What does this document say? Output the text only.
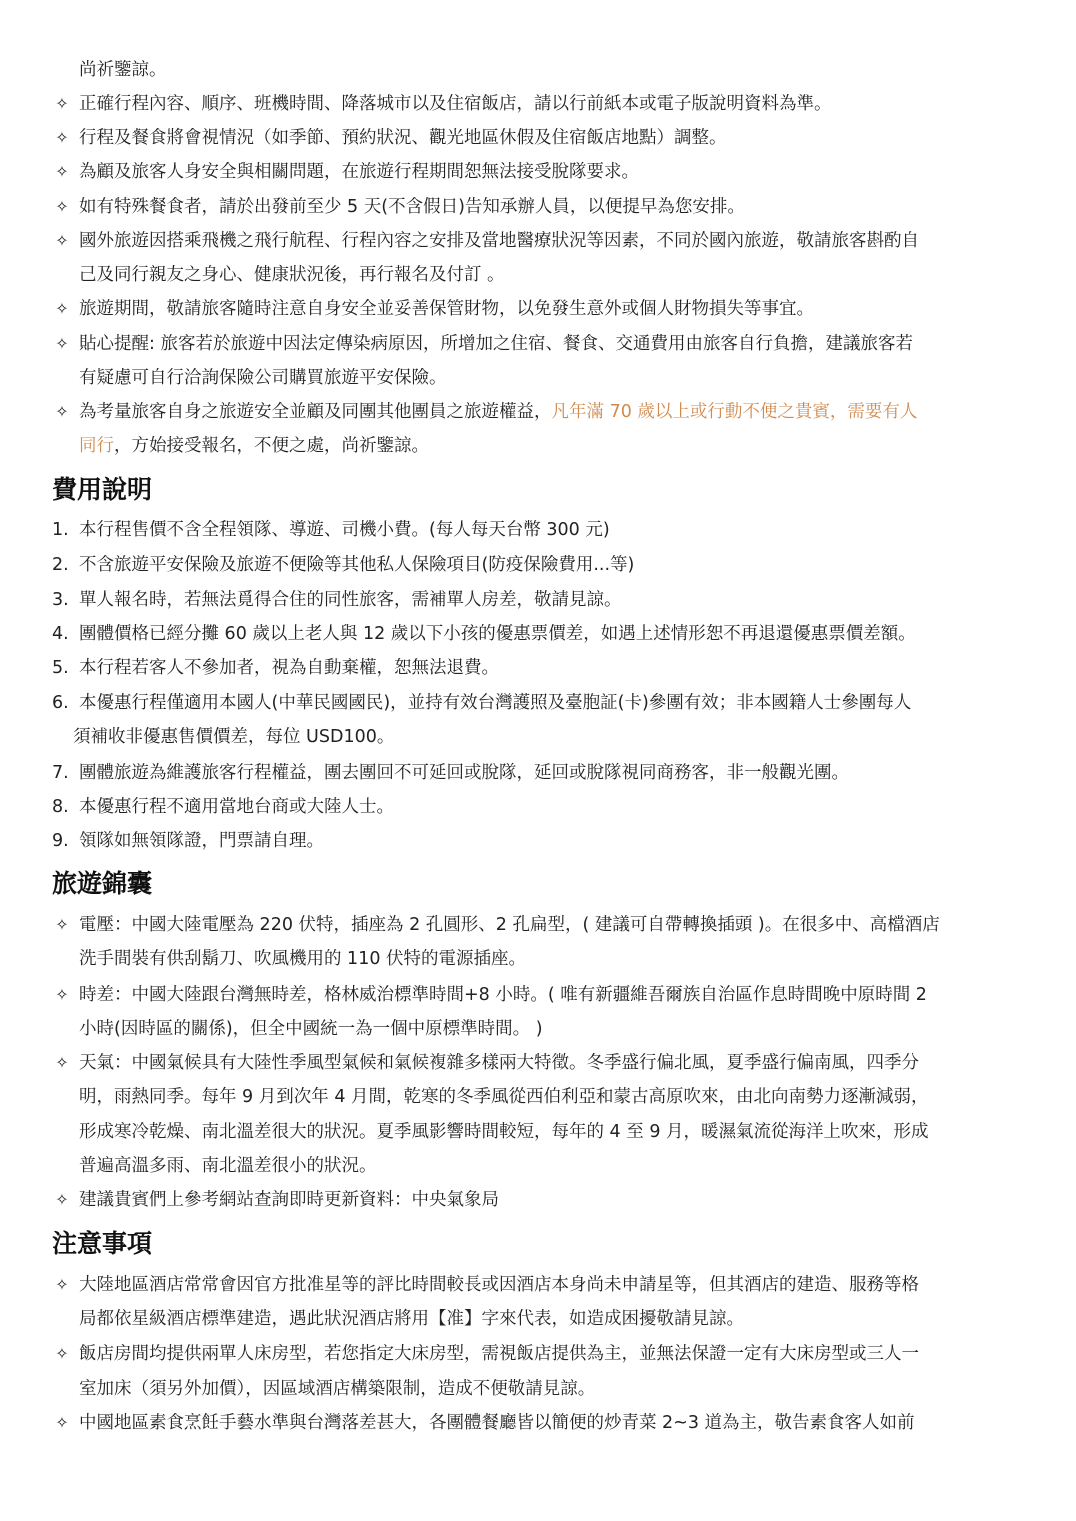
尚祈鑒諒。
✧ 正確行程內容、順序、班機時間、降落城市以及住宿飯店，請以行前紙本或電子版說明資料為準。
✧ 行程及餐食將會視情況（如季節、預約狀況、觀光地區休假及住宿飯店地點）調整。
✧ 為顧及旅客人身安全與相關問題，在旅遊行程期間恕無法接受脫隊要求。
✧ 如有特殊餐食者，請於出發前至少 5 天(不含假日)告知承辦人員，以便提早為您安排。
✧ 國外旅遊因搭乘飛機之飛行航程、行程內容之安排及當地醫療狀況等因素，不同於國內旅遊，敬請旅客斟酌自
己及同行親友之身心、健康狀況後，再行報名及付訂 。
✧ 旅遊期間，敬請旅客隨時注意自身安全並妥善保管財物，以免發生意外或個人財物損失等事宜。
✧ 貼心提醒: 旅客若於旅遊中因法定傳染病原因，所增加之住宿、餐食、交通費用由旅客自行負擔，建議旅客若
有疑慮可自行洽詢保險公司購買旅遊平安保險。
✧ 為考量旅客自身之旅遊安全並顧及同團其他團員之旅遊權益，凡年滿 70 歲以上或行動不便之貴賓，需要有人
同行，方始接受報名，不便之處，尚祈鑒諒。
費用說明
1. 本行程售價不含全程領隊、導遊、司機小費。(每人每天台幣 300 元)
2. 不含旅遊平安保險及旅遊不便險等其他私人保險項目(防疫保險費用...等)
3. 單人報名時，若無法覓得合住的同性旅客，需補單人房差，敬請見諒。
4. 團體價格已經分攤 60 歲以上老人與 12 歲以下小孩的優惠票價差，如遇上述情形恕不再退還優惠票價差額。
5. 本行程若客人不參加者，視為自動棄權，恕無法退費。
6. 本優惠行程僅適用本國人(中華民國國民)，並持有效台灣護照及臺胞証(卡)參團有效；非本國籍人士參團每人
須補收非優惠售價價差，每位 USD100。
7. 團體旅遊為維護旅客行程權益，團去團回不可延回或脫隊，延回或脫隊視同商務客，非一般觀光團。
8. 本優惠行程不適用當地台商或大陸人士。
9. 領隊如無領隊證，門票請自理。
旅遊錦囊
✧ 電壓：中國大陸電壓為 220 伏特，插座為 2 孔圓形、2 孔扁型，( 建議可自帶轉換插頭 )。在很多中、高檔酒店
洗手間裝有供刮鬍刀、吹風機用的 110 伏特的電源插座。
✧ 時差：中國大陸跟台灣無時差，格林威治標準時間+8 小時。( 唯有新疆維吾爾族自治區作息時間晚中原時間 2
小時(因時區的關係)，但全中國統一為一個中原標準時間。 )
✧ 天氣：中國氣候具有大陸性季風型氣候和氣候複雜多樣兩大特徵。冬季盛行偏北風，夏季盛行偏南風，四季分
明，雨熱同季。每年 9 月到次年 4 月間，乾寒的冬季風從西伯利亞和蒙古高原吹來，由北向南勢力逐漸減弱，
形成寒冷乾燥、南北溫差很大的狀況。夏季風影響時間較短，每年的 4 至 9 月，暖濕氣流從海洋上吹來，形成
普遍高溫多雨、南北溫差很小的狀況。
✧ 建議貴賓們上參考網站查詢即時更新資料：中央氣象局
注意事項
✧ 大陸地區酒店常常會因官方批准星等的評比時間較長或因酒店本身尚未申請星等，但其酒店的建造、服務等格
局都依星級酒店標準建造，遇此狀況酒店將用【准】字來代表，如造成困擾敬請見諒。
✧ 飯店房間均提供兩單人床房型，若您指定大床房型，需視飯店提供為主，並無法保證一定有大床房型或三人一
室加床（須另外加價），因區域酒店構築限制，造成不便敬請見諒。
✧ 中國地區素食烹飪手藝水準與台灣落差甚大，各團體餐廳皆以簡便的炒青菜 2~3 道為主，敬告素食客人如前
